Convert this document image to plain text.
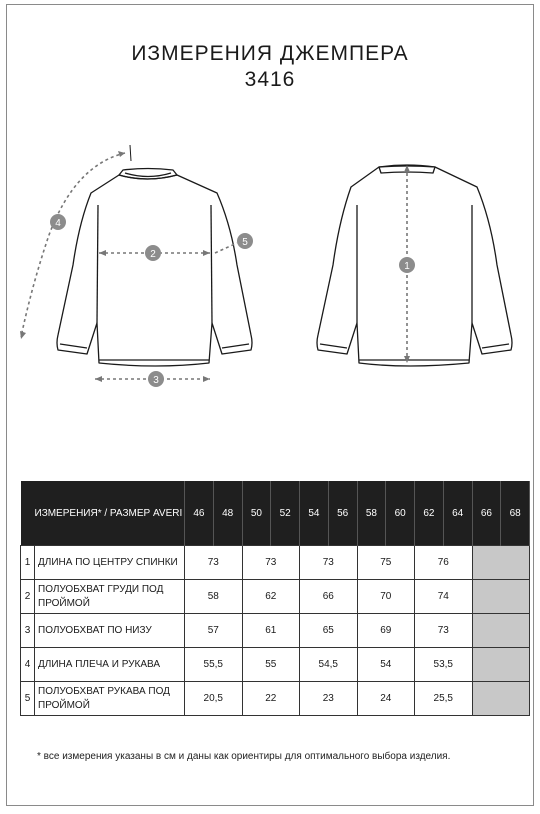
ИЗМЕРЕНИЯ ДЖЕМПЕРА
3416
1
2
3
4
5
ИЗМЕРЕНИЯ* / РАЗМЕР AVERI		46	48	50	52	54	56	58	60	62	64	66	68
1	ДЛИНА ПО ЦЕНТРУ СПИНКИ	73		73		73		75		76			
2	ПОЛУОБХВАТ ГРУДИ ПОД ПРОЙМОЙ	58		62		66		70		74			
3	ПОЛУОБХВАТ ПО НИЗУ	57		61		65		69		73			
4	ДЛИНА ПЛЕЧА И РУКАВА	55,5		55		54,5		54		53,5			
5	ПОЛУОБХВАТ РУКАВА ПОД ПРОЙМОЙ	20,5		22		23		24		25,5			
* все измерения указаны в см и даны как ориентиры для оптимального выбора изделия.
